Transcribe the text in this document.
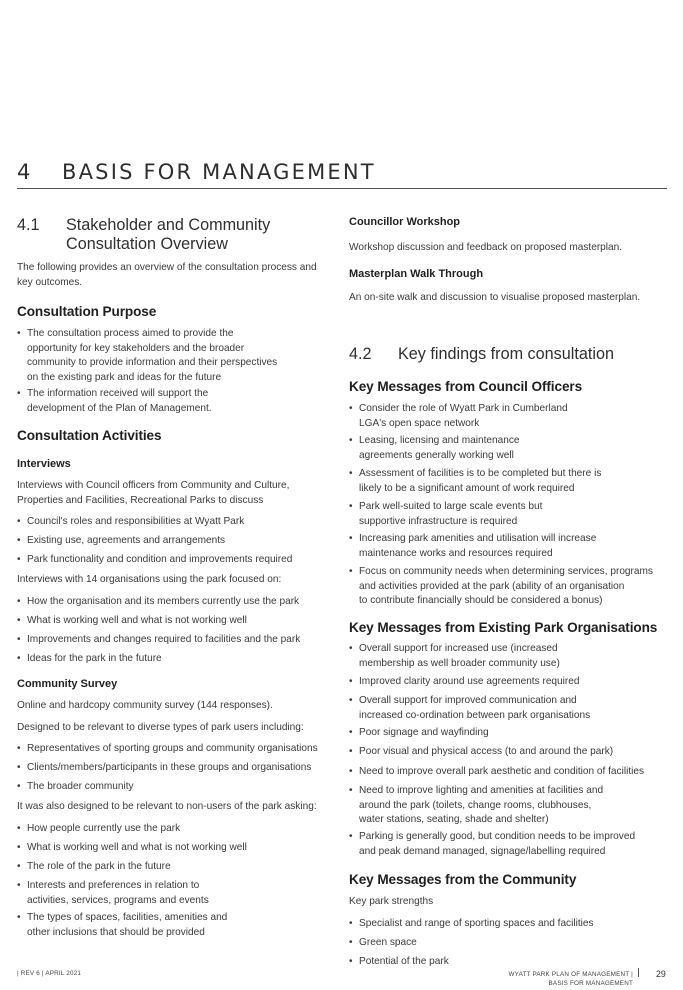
4 BASIS FOR MANAGEMENT
4.1 Stakeholder and Community
Consultation Overview
The following provides an overview of the consultation process and
key outcomes.
Consultation Purpose
• The consultation process aimed to provide the
opportunity for key stakeholders and the broader
community to provide information and their perspectives
on the existing park and ideas for the future
• The information received will support the
development of the Plan of Management.
Consultation Activities
Interviews
Interviews with Council officers from Community and Culture,
Properties and Facilities, Recreational Parks to discuss
• Council's roles and responsibilities at Wyatt Park
• Existing use, agreements and arrangements
• Park functionality and condition and improvements required
Interviews with 14 organisations using the park focused on:
• How the organisation and its members currently use the park
• What is working well and what is not working well
• Improvements and changes required to facilities and the park
• Ideas for the park in the future
Community Survey
Online and hardcopy community survey (144 responses).
Designed to be relevant to diverse types of park users including:
• Representatives of sporting groups and community organisations
• Clients/members/participants in these groups and organisations
• The broader community
It was also designed to be relevant to non-users of the park asking:
• How people currently use the park
• What is working well and what is not working well
• The role of the park in the future
• Interests and preferences in relation to
activities, services, programs and events
• The types of spaces, facilities, amenities and
other inclusions that should be provided
Councillor Workshop
Workshop discussion and feedback on proposed masterplan.
Masterplan Walk Through
An on-site walk and discussion to visualise proposed masterplan.
4.2 Key findings from consultation
Key Messages from Council Officers
• Consider the role of Wyatt Park in Cumberland
LGA's open space network
• Leasing, licensing and maintenance
agreements generally working well
• Assessment of facilities is to be completed but there is
likely to be a significant amount of work required
• Park well-suited to large scale events but
supportive infrastructure is required
• Increasing park amenities and utilisation will increase
maintenance works and resources required
• Focus on community needs when determining services, programs
and activities provided at the park (ability of an organisation
to contribute financially should be considered a bonus)
Key Messages from Existing Park Organisations
• Overall support for increased use (increased
membership as well broader community use)
• Improved clarity around use agreements required
• Overall support for improved communication and
increased co-ordination between park organisations
• Poor signage and wayfinding
• Poor visual and physical access (to and around the park)
• Need to improve overall park aesthetic and condition of facilities
• Need to improve lighting and amenities at facilities and
around the park (toilets, change rooms, clubhouses,
water stations, seating, shade and shelter)
• Parking is generally good, but condition needs to be improved
and peak demand managed, signage/labelling required
Key Messages from the Community
Key park strengths
• Specialist and range of sporting spaces and facilities
• Green space
• Potential of the park
| REV 6 | APRIL 2021	WYATT PARK PLAN OF MANAGEMENT |
BASIS FOR MANAGEMENT
29
